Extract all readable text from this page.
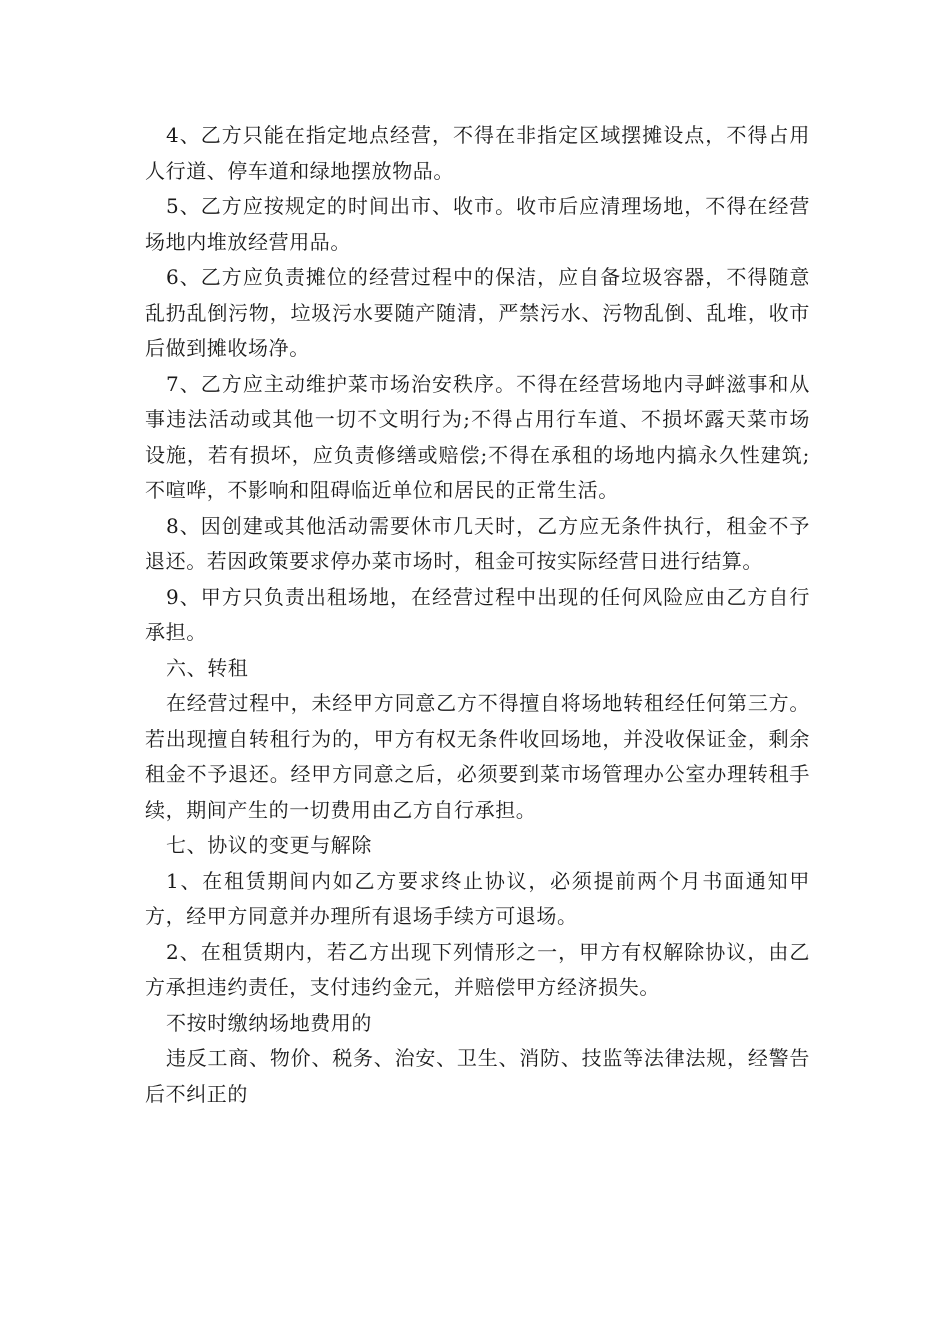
4、乙方只能在指定地点经营，不得在非指定区域摆摊设点，不得占用人行道、停车道和绿地摆放物品。

5、乙方应按规定的时间出市、收市。收市后应清理场地，不得在经营场地内堆放经营用品。

6、乙方应负责摊位的经营过程中的保洁，应自备垃圾容器，不得随意乱扔乱倒污物，垃圾污水要随产随清，严禁污水、污物乱倒、乱堆，收市后做到摊收场净。

7、乙方应主动维护菜市场治安秩序。不得在经营场地内寻衅滋事和从事违法活动或其他一切不文明行为;不得占用行车道、不损坏露天菜市场设施，若有损坏，应负责修缮或赔偿;不得在承租的场地内搞永久性建筑;不喧哗，不影响和阻碍临近单位和居民的正常生活。

8、因创建或其他活动需要休市几天时，乙方应无条件执行，租金不予退还。若因政策要求停办菜市场时，租金可按实际经营日进行结算。

9、甲方只负责出租场地，在经营过程中出现的任何风险应由乙方自行承担。

六、转租

在经营过程中，未经甲方同意乙方不得擅自将场地转租经任何第三方。若出现擅自转租行为的，甲方有权无条件收回场地，并没收保证金，剩余租金不予退还。经甲方同意之后，必须要到菜市场管理办公室办理转租手续，期间产生的一切费用由乙方自行承担。

七、协议的变更与解除

1、在租赁期间内如乙方要求终止协议，必须提前两个月书面通知甲方，经甲方同意并办理所有退场手续方可退场。

2、在租赁期内，若乙方出现下列情形之一，甲方有权解除协议，由乙方承担违约责任，支付违约金元，并赔偿甲方经济损失。

不按时缴纳场地费用的

违反工商、物价、税务、治安、卫生、消防、技监等法律法规，经警告后不纠正的
